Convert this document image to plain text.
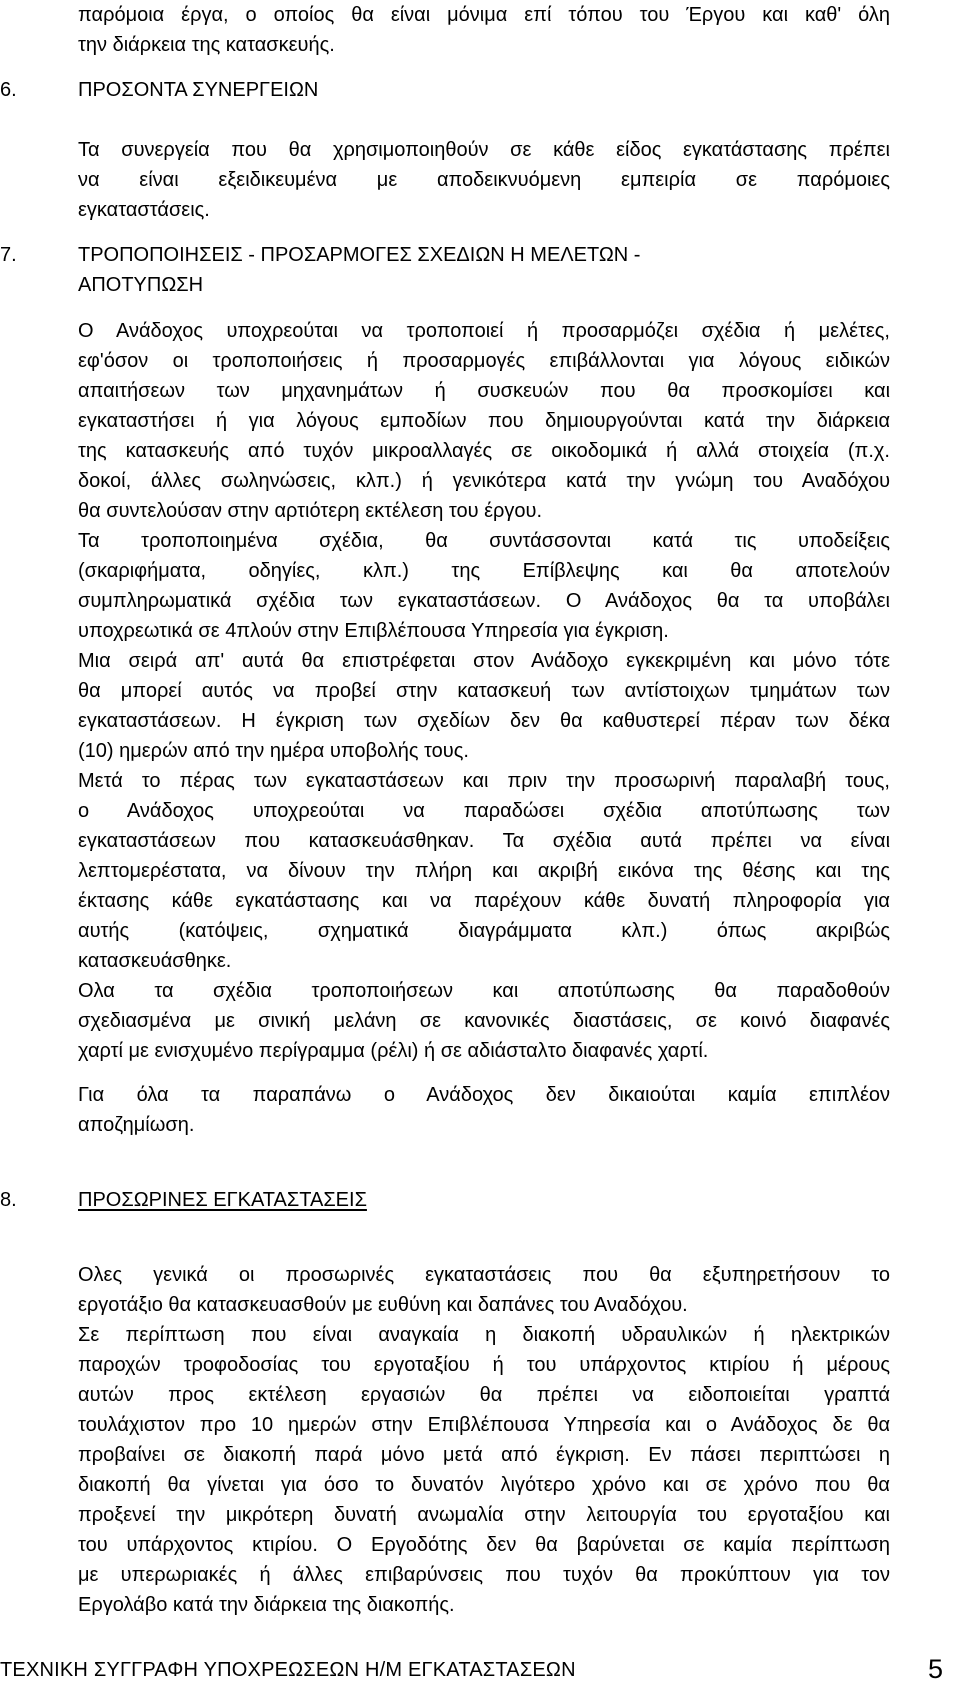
παρόμοια έργα, ο οποίος θα είναι μόνιμα επί τόπου του Έργου και καθ' όλη
την διάρκεια της κατασκευής.

6.	ΠΡΟΣΟΝΤΑ ΣΥΝΕΡΓΕΙΩΝ

Τα συνεργεία που θα χρησιμοποιηθούν σε κάθε είδος εγκατάστασης πρέπει
να είναι εξειδικευμένα με αποδεικνυόμενη εμπειρία σε παρόμοιες
εγκαταστάσεις.

7.	ΤΡΟΠΟΠΟΙΗΣΕΙΣ - ΠΡΟΣΑΡΜΟΓΕΣ ΣΧΕΔΙΩΝ Η ΜΕΛΕΤΩΝ -
ΑΠΟΤΥΠΩΣΗ

Ο Ανάδοχος υποχρεούται να τροποποιεί ή προσαρμόζει σχέδια ή μελέτες,
εφ'όσον οι τροποποιήσεις ή προσαρμογές επιβάλλονται για λόγους ειδικών
απαιτήσεων των μηχανημάτων ή συσκευών που θα προσκομίσει και
εγκαταστήσει ή για λόγους εμποδίων που δημιουργούνται κατά την διάρκεια
της κατασκευής από τυχόν μικροαλλαγές σε οικοδομικά ή αλλά στοιχεία (π.χ.
δοκοί, άλλες σωληνώσεις, κλπ.) ή γενικότερα κατά την γνώμη του Αναδόχου
θα συντελούσαν στην αρτιότερη εκτέλεση του έργου.
Τα τροποποιημένα σχέδια, θα συντάσσονται κατά τις υποδείξεις
(σκαριφήματα, οδηγίες, κλπ.) της Επίβλεψης και θα αποτελούν
συμπληρωματικά σχέδια των εγκαταστάσεων. Ο Ανάδοχος θα τα υποβάλει
υποχρεωτικά σε 4πλούν στην Επιβλέπουσα Υπηρεσία για έγκριση.
Μια σειρά απ' αυτά θα επιστρέφεται στον Ανάδοχο εγκεκριμένη και μόνο τότε
θα μπορεί αυτός να προβεί στην κατασκευή των αντίστοιχων τμημάτων των
εγκαταστάσεων. Η έγκριση των σχεδίων δεν θα καθυστερεί πέραν των δέκα
(10) ημερών από την ημέρα υποβολής τους.
Μετά το πέρας των εγκαταστάσεων και πριν την προσωρινή παραλαβή τους,
ο Ανάδοχος υποχρεούται να παραδώσει σχέδια αποτύπωσης των
εγκαταστάσεων που κατασκευάσθηκαν. Τα σχέδια αυτά πρέπει να είναι
λεπτομερέστατα, να δίνουν την πλήρη και ακριβή εικόνα της θέσης και της
έκτασης κάθε εγκατάστασης και να παρέχουν κάθε δυνατή πληροφορία για
αυτής (κατόψεις, σχηματικά διαγράμματα κλπ.) όπως ακριβώς
κατασκευάσθηκε.
Ολα τα σχέδια τροποποιήσεων και αποτύπωσης θα παραδοθούν
σχεδιασμένα με σινική μελάνη σε κανονικές διαστάσεις, σε κοινό διαφανές
χαρτί με ενισχυμένο περίγραμμα (ρέλι) ή σε αδιάσταλτο διαφανές χαρτί.

Για όλα τα παραπάνω ο Ανάδοχος δεν δικαιούται καμία επιπλέον
αποζημίωση.

8.	ΠΡΟΣΩΡΙΝΕΣ ΕΓΚΑΤΑΣΤΑΣΕΙΣ

Ολες γενικά οι προσωρινές εγκαταστάσεις που θα εξυπηρετήσουν το
εργοτάξιο θα κατασκευασθούν με ευθύνη και δαπάνες του Αναδόχου.
Σε περίπτωση που είναι αναγκαία η διακοπή υδραυλικών ή ηλεκτρικών
παροχών τροφοδοσίας του εργοταξίου ή του υπάρχοντος κτιρίου ή μέρους
αυτών προς εκτέλεση εργασιών θα πρέπει να ειδοποιείται γραπτά
τουλάχιστον προ 10 ημερών στην Επιβλέπουσα Υπηρεσία και ο Ανάδοχος δε θα
προβαίνει σε διακοπή παρά μόνο μετά από έγκριση. Εν πάσει περιπτώσει η
διακοπή θα γίνεται για όσο το δυνατόν λιγότερο χρόνο και σε χρόνο που θα
προξενεί την μικρότερη δυνατή ανωμαλία στην λειτουργία του εργοταξίου και
του υπάρχοντος κτιρίου. Ο Εργοδότης δεν θα βαρύνεται σε καμία περίπτωση
με υπερωριακές ή άλλες επιβαρύνσεις που τυχόν θα προκύπτουν για τον
Εργολάβο κατά την διάρκεια της διακοπής.

ΤΕΧΝΙΚΗ ΣΥΓΓΡΑΦΗ ΥΠΟΧΡΕΩΣΕΩΝ Η/Μ ΕΓΚΑΤΑΣΤΑΣΕΩΝ	5
